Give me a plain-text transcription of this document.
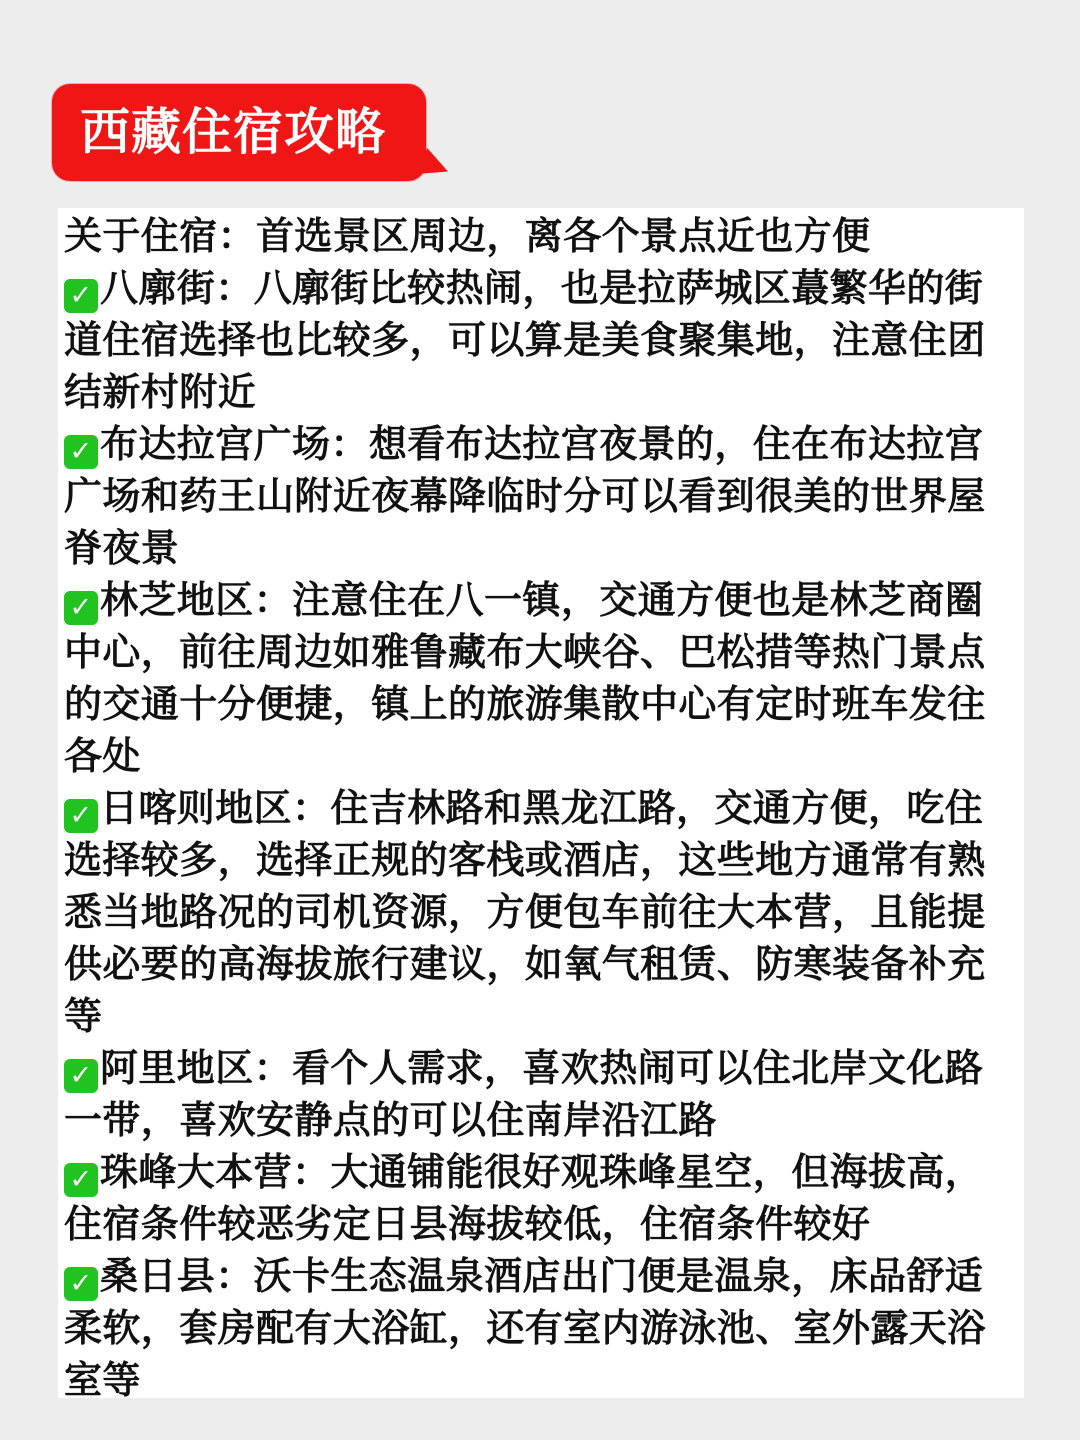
西藏住宿攻略

关于住宿：首选景区周边，离各个景点近也方便
✓ 八廓街：八廓街比较热闹，也是拉萨城区蕞繁华的街道住宿选择也比较多，可以算是美食聚集地，注意住团结新村附近
✓ 布达拉宫广场：想看布达拉宫夜景的，住在布达拉宫广场和药王山附近夜幕降临时分可以看到很美的世界屋脊夜景
✓ 林芝地区：注意住在八一镇，交通方便也是林芝商圈中心，前往周边如雅鲁藏布大峡谷、巴松措等热门景点的交通十分便捷，镇上的旅游集散中心有定时班车发往各处
✓ 日喀则地区：住吉林路和黑龙江路，交通方便，吃住选择较多，选择正规的客栈或酒店，这些地方通常有熟悉当地路况的司机资源，方便包车前往大本营，且能提供必要的高海拔旅行建议，如氧气租赁、防寒装备补充等
✓ 阿里地区：看个人需求，喜欢热闹可以住北岸文化路一带，喜欢安静点的可以住南岸沿江路
✓ 珠峰大本营：大通铺能很好观珠峰星空，但海拔高，住宿条件较恶劣定日县海拔较低，住宿条件较好
✓ 桑日县：沃卡生态温泉酒店出门便是温泉，床品舒适柔软，套房配有大浴缸，还有室内游泳池、室外露天浴室等
